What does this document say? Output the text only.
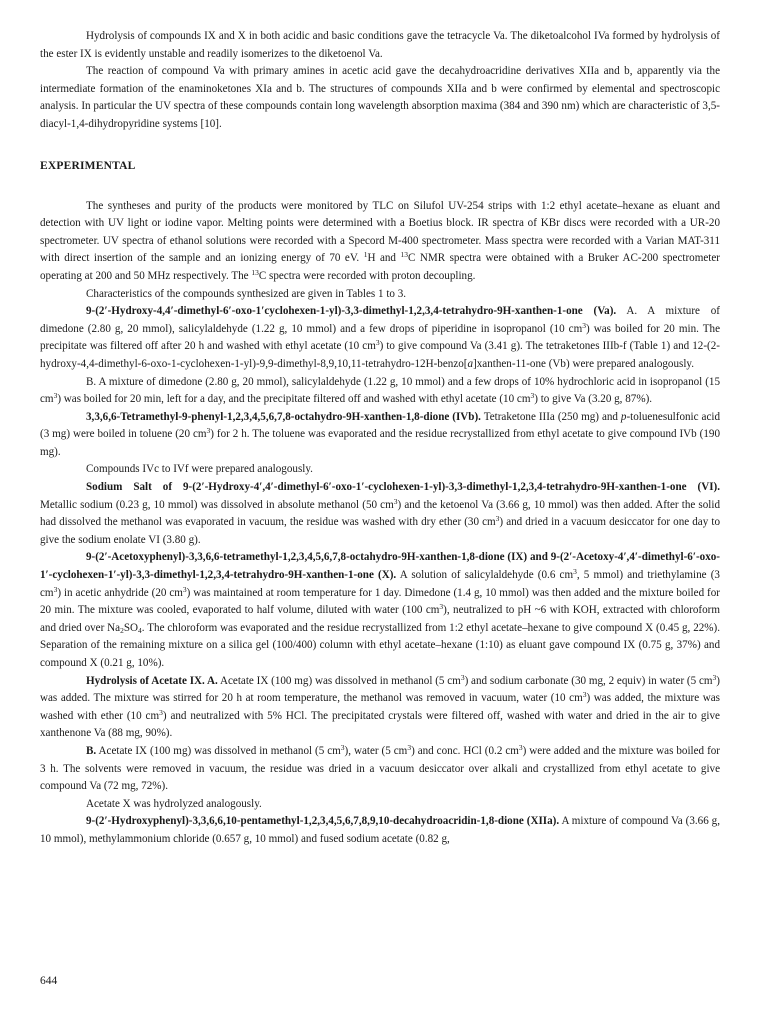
Hydrolysis of compounds IX and X in both acidic and basic conditions gave the tetracycle Va. The diketoalcohol IVa formed by hydrolysis of the ester IX is evidently unstable and readily isomerizes to the diketoenol Va.

The reaction of compound Va with primary amines in acetic acid gave the decahydroacridine derivatives XIIa and b, apparently via the intermediate formation of the enaminoketones XIa and b. The structures of compounds XIIa and b were confirmed by elemental and spectroscopic analysis. In particular the UV spectra of these compounds contain long wavelength absorption maxima (384 and 390 nm) which are characteristic of 3,5-diacyl-1,4-dihydropyridine systems [10].

EXPERIMENTAL

The syntheses and purity of the products were monitored by TLC on Silufol UV-254 strips with 1:2 ethyl acetate–hexane as eluant and detection with UV light or iodine vapor. Melting points were determined with a Boetius block. IR spectra of KBr discs were recorded with a UR-20 spectrometer. UV spectra of ethanol solutions were recorded with a Specord M-400 spectrometer. Mass spectra were recorded with a Varian MAT-311 with direct insertion of the sample and an ionizing energy of 70 eV. $^1$H and $^{13}$C NMR spectra were obtained with a Bruker AC-200 spectrometer operating at 200 and 50 MHz respectively. The $^{13}$C spectra were recorded with proton decoupling.

Characteristics of the compounds synthesized are given in Tables 1 to 3.

9-(2′-Hydroxy-4,4′-dimethyl-6′-oxo-1′cyclohexen-1-yl)-3,3-dimethyl-1,2,3,4-tetrahydro-9H-xanthen-1-one (Va). A. A mixture of dimedone (2.80 g, 20 mmol), salicylaldehyde (1.22 g, 10 mmol) and a few drops of piperidine in isopropanol (10 $cm^3$) was boiled for 20 min. The precipitate was filtered off after 20 h and washed with ethyl acetate (10 $cm^3$) to give compound Va (3.41 g). The tetraketones IIIb-f (Table 1) and 12-(2-hydroxy-4,4-dimethyl-6-oxo-1-cyclohexen-1-yl)-9,9-dimethyl-8,9,10,11-tetrahydro-12H-benzo[a]xanthen-11-one (Vb) were prepared analogously.

B. A mixture of dimedone (2.80 g, 20 mmol), salicylaldehyde (1.22 g, 10 mmol) and a few drops of 10% hydrochloric acid in isopropanol (15 $cm^3$) was boiled for 20 min, left for a day, and the precipitate filtered off and washed with ethyl acetate (10 $cm^3$) to give Va (3.20 g, 87%).

3,3,6,6-Tetramethyl-9-phenyl-1,2,3,4,5,6,7,8-octahydro-9H-xanthen-1,8-dione (IVb). Tetraketone IIIa (250 mg) and p-toluenesulfonic acid (3 mg) were boiled in toluene (20 $cm^3$) for 2 h. The toluene was evaporated and the residue recrystallized from ethyl acetate to give compound IVb (190 mg).

Compounds IVc to IVf were prepared analogously.

Sodium Salt of 9-(2′-Hydroxy-4′,4′-dimethyl-6′-oxo-1′-cyclohexen-1-yl)-3,3-dimethyl-1,2,3,4-tetrahydro-9H-xanthen-1-one (VI). Metallic sodium (0.23 g, 10 mmol) was dissolved in absolute methanol (50 $cm^3$) and the ketoenol Va (3.66 g, 10 mmol) was then added. After the solid had dissolved the methanol was evaporated in vacuum, the residue was washed with dry ether (30 $cm^3$) and dried in a vacuum desiccator for one day to give the sodium enolate VI (3.80 g).

9-(2′-Acetoxyphenyl)-3,3,6,6-tetramethyl-1,2,3,4,5,6,7,8-octahydro-9H-xanthen-1,8-dione (IX) and 9-(2′-Acetoxy-4′,4′-dimethyl-6′-oxo-1′-cyclohexen-1′-yl)-3,3-dimethyl-1,2,3,4-tetrahydro-9H-xanthen-1-one (X). A solution of salicylaldehyde (0.6 $cm^3$, 5 mmol) and triethylamine (3 $cm^3$) in acetic anhydride (20 $cm^3$) was maintained at room temperature for 1 day. Dimedone (1.4 g, 10 mmol) was then added and the mixture boiled for 20 min. The mixture was cooled, evaporated to half volume, diluted with water (100 $cm^3$), neutralized to pH ~6 with KOH, extracted with chloroform and dried over $Na_2SO_4$. The chloroform was evaporated and the residue recrystallized from 1:2 ethyl acetate–hexane to give compound X (0.45 g, 22%). Separation of the remaining mixture on a silica gel (100/400) column with ethyl acetate–hexane (1:10) as eluant gave compound IX (0.75 g, 37%) and compound X (0.21 g, 10%).

Hydrolysis of Acetate IX. A. Acetate IX (100 mg) was dissolved in methanol (5 $cm^3$) and sodium carbonate (30 mg, 2 equiv) in water (5 $cm^3$) was added. The mixture was stirred for 20 h at room temperature, the methanol was removed in vacuum, water (10 $cm^3$) was added, the mixture was washed with ether (10 $cm^3$) and neutralized with 5% HCl. The precipitated crystals were filtered off, washed with water and dried in the air to give xanthenone Va (88 mg, 90%).

B. Acetate IX (100 mg) was dissolved in methanol (5 $cm^3$), water (5 $cm^3$) and conc. HCl (0.2 $cm^3$) were added and the mixture was boiled for 3 h. The solvents were removed in vacuum, the residue was dried in a vacuum desiccator over alkali and crystallized from ethyl acetate to give compound Va (72 mg, 72%).

Acetate X was hydrolyzed analogously.

9-(2′-Hydroxyphenyl)-3,3,6,6,10-pentamethyl-1,2,3,4,5,6,7,8,9,10-decahydroacridin-1,8-dione (XIIa). A mixture of compound Va (3.66 g, 10 mmol), methylammonium chloride (0.657 g, 10 mmol) and fused sodium acetate (0.82 g,

644
